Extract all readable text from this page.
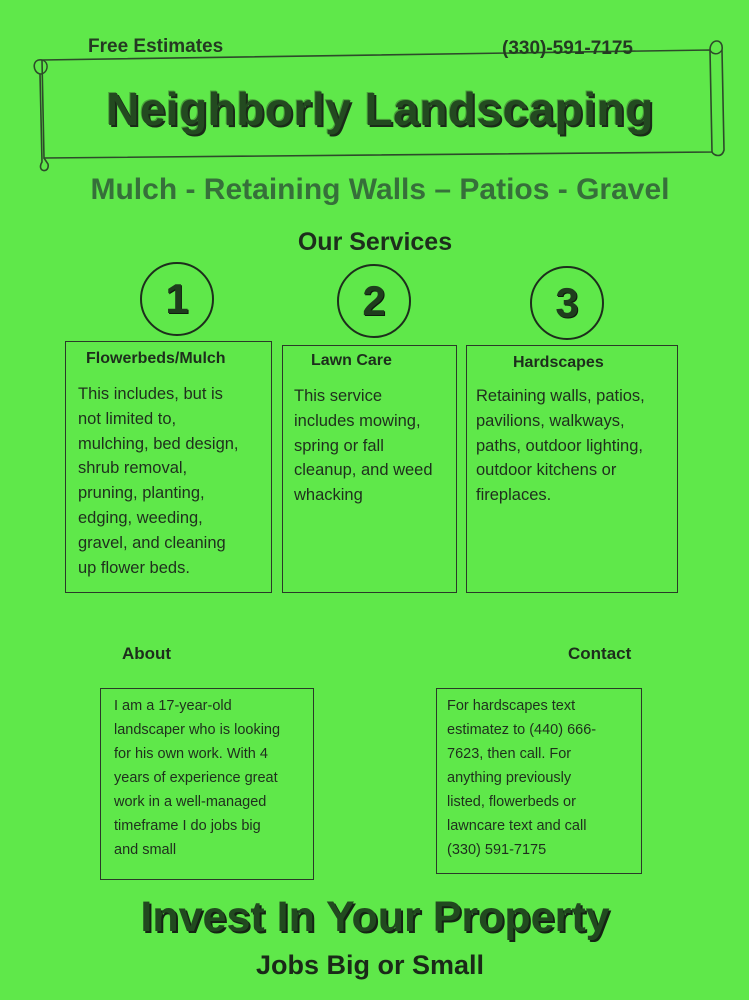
Free Estimates	(330)-591-7175
Neighborly Landscaping
Mulch - Retaining Walls – Patios - Gravel
Our Services
1	2	3
Flowerbeds/Mulch
This includes, but is
not limited to,
mulching, bed design,
shrub removal,
pruning, planting,
edging, weeding,
gravel, and cleaning
up flower beds.
Lawn Care
This service
includes mowing,
spring or fall
cleanup, and weed
whacking
Hardscapes
Retaining walls, patios,
pavilions, walkways,
paths, outdoor lighting,
outdoor kitchens or
fireplaces.
About
I am a 17-year-old
landscaper who is looking
for his own work. With 4
years of experience great
work in a well-managed
timeframe I do jobs big
and small
Contact
For hardscapes text
estimatez to (440) 666-
7623, then call. For
anything previously
listed, flowerbeds or
lawncare text and call
(330) 591-7175
Invest In Your Property
Jobs Big or Small
